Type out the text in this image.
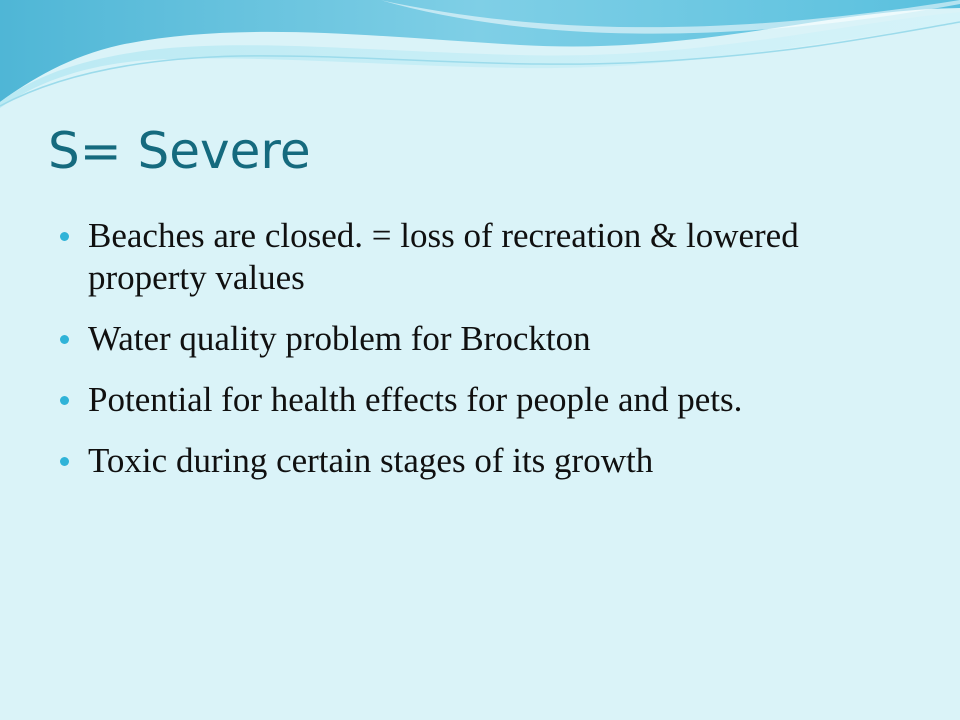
S= Severe
Beaches are closed. = loss of recreation & lowered property values
Water quality problem for Brockton
Potential for health effects for people and pets.
Toxic during certain stages of its growth
